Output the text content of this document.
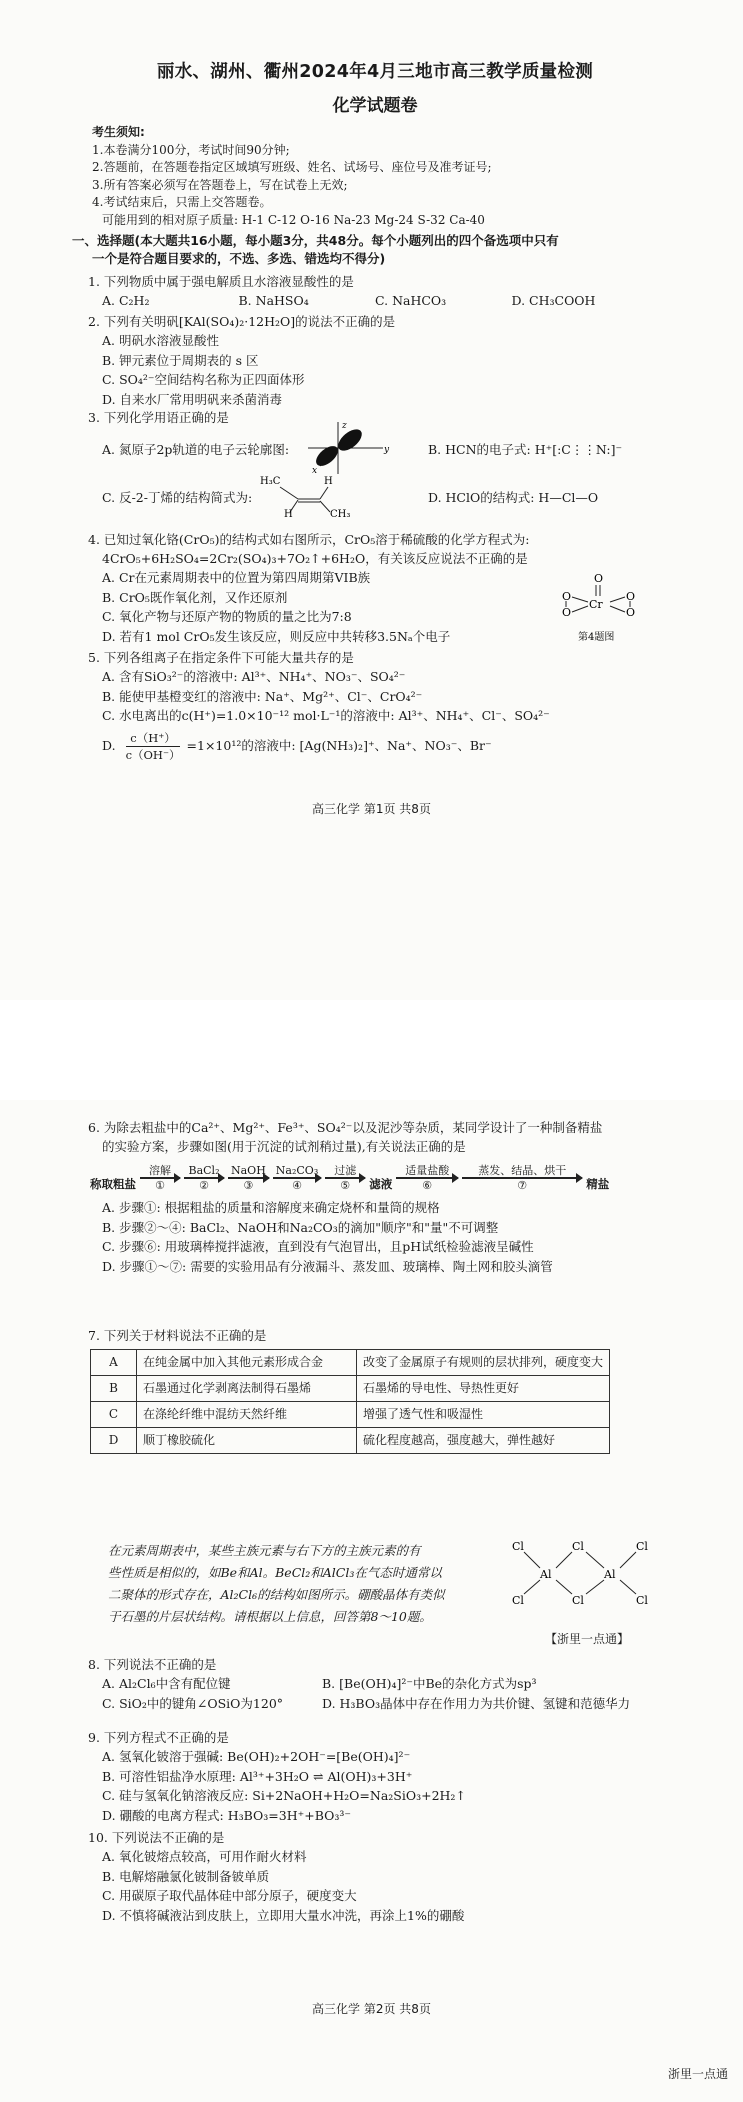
丽水、湖州、衢州2024年4月三地市高三教学质量检测
化学试题卷
考生须知:
1.本卷满分100分，考试时间90分钟;
2.答题前，在答题卷指定区域填写班级、姓名、试场号、座位号及准考证号;
3.所有答案必须写在答题卷上，写在试卷上无效;
4.考试结束后，只需上交答题卷。
可能用到的相对原子质量: H-1 C-12 O-16 Na-23 Mg-24 S-32 Ca-40
一、选择题(本大题共16小题，每小题3分，共48分。每个小题列出的四个备选项中只有
一个是符合题目要求的，不选、多选、错选均不得分)
1. 下列物质中属于强电解质且水溶液显酸性的是
A. C₂H₂	B. NaHSO₄	C. NaHCO₃	D. CH₃COOH
2. 下列有关明矾[KAl(SO₄)₂·12H₂O]的说法不正确的是
A. 明矾水溶液显酸性
B. 钾元素位于周期表的 s 区
C. SO₄²⁻空间结构名称为正四面体形
D. 自来水厂常用明矾来杀菌消毒
3. 下列化学用语正确的是
A. 氮原子2p轨道的电子云轮廓图:
z
y
x
B. HCN的电子式: H⁺[:C⋮⋮N:]⁻
C. 反-2-丁烯的结构简式为:
H₃C	H
H	CH₃
D. HClO的结构式: H—Cl—O
4. 已知过氧化铬(CrO₅)的结构式如右图所示，CrO₅溶于稀硫酸的化学方程式为:
4CrO₅+6H₂SO₄=2Cr₂(SO₄)₃+7O₂↑+6H₂O，有关该反应说法不正确的是
A. Cr在元素周期表中的位置为第四周期第VIB族
B. CrO₅既作氧化剂，又作还原剂
C. 氧化产物与还原产物的物质的量之比为7:8
D. 若有1 mol CrO₅发生该反应，则反应中共转移3.5Nₐ个电子
O
Cr
O
O
O
O
第4题图
5. 下列各组离子在指定条件下可能大量共存的是
A. 含有SiO₃²⁻的溶液中: Al³⁺、NH₄⁺、NO₃⁻、SO₄²⁻
B. 能使甲基橙变红的溶液中: Na⁺、Mg²⁺、Cl⁻、CrO₄²⁻
C. 水电离出的c(H⁺)=1.0×10⁻¹² mol·L⁻¹的溶液中: Al³⁺、NH₄⁺、Cl⁻、SO₄²⁻
D. $\frac{c(H^+)}{c(OH^-)} =1\times 10^{12}$的溶液中: [Ag(NH₃)₂]⁺、Na⁺、NO₃⁻、Br⁻
高三化学 第1页 共8页
6. 为除去粗盐中的Ca²⁺、Mg²⁺、Fe³⁺、SO₄²⁻以及泥沙等杂质，某同学设计了一种制备精盐
的实验方案，步骤如图(用于沉淀的试剂稍过量),有关说法正确的是
称取粗盐
溶解
①
BaCl₂
②
NaOH
③
Na₂CO₃
④
过滤
⑤ 滤液
适量盐酸
⑥
蒸发、结晶、烘干
⑦	精盐
A. 步骤①: 根据粗盐的质量和溶解度来确定烧杯和量筒的规格
B. 步骤②～④: BaCl₂、NaOH和Na₂CO₃的滴加"顺序"和"量"不可调整
C. 步骤⑥: 用玻璃棒搅拌滤液，直到没有气泡冒出，且pH试纸检验滤液呈碱性
D. 步骤①～⑦: 需要的实验用品有分液漏斗、蒸发皿、玻璃棒、陶土网和胶头滴管
7. 下列关于材料说法不正确的是
A	在纯金属中加入其他元素形成合金	改变了金属原子有规则的层状排列，硬度变大
B	石墨通过化学剥离法制得石墨烯	石墨烯的导电性、导热性更好
C	在涤纶纤维中混纺天然纤维	增强了透气性和吸湿性
D	顺丁橡胶硫化	硫化程度越高，强度越大，弹性越好
在元素周期表中，某些主族元素与右下方的主族元素的有
些性质是相似的，如Be和Al。BeCl₂和AlCl₃在气态时通常以
二聚体的形式存在，Al₂Cl₆的结构如图所示。硼酸晶体有类似
于石墨的片层状结构。请根据以上信息，回答第8～10题。
Cl
Cl
Al
Cl
Cl
Al
Cl
Cl
【浙里一点通】
8. 下列说法不正确的是
A. Al₂Cl₆中含有配位键	B. [Be(OH)₄]²⁻中Be的杂化方式为sp³
C. SiO₂中的键角∠OSiO为120°	D. H₃BO₃晶体中存在作用力为共价键、氢键和范德华力
9. 下列方程式不正确的是
A. 氢氧化铍溶于强碱: Be(OH)₂+2OH⁻=[Be(OH)₄]²⁻
B. 可溶性铝盐净水原理: Al³⁺+3H₂O ⇌ Al(OH)₃+3H⁺
C. 硅与氢氧化钠溶液反应: Si+2NaOH+H₂O=Na₂SiO₃+2H₂↑
D. 硼酸的电离方程式: H₃BO₃=3H⁺+BO₃³⁻
10. 下列说法不正确的是
A. 氧化铍熔点较高，可用作耐火材料
B. 电解熔融氯化铍制备铍单质
C. 用碳原子取代晶体硅中部分原子，硬度变大
D. 不慎将碱液沾到皮肤上，立即用大量水冲洗，再涂上1%的硼酸
高三化学 第2页 共8页
浙里一点通
